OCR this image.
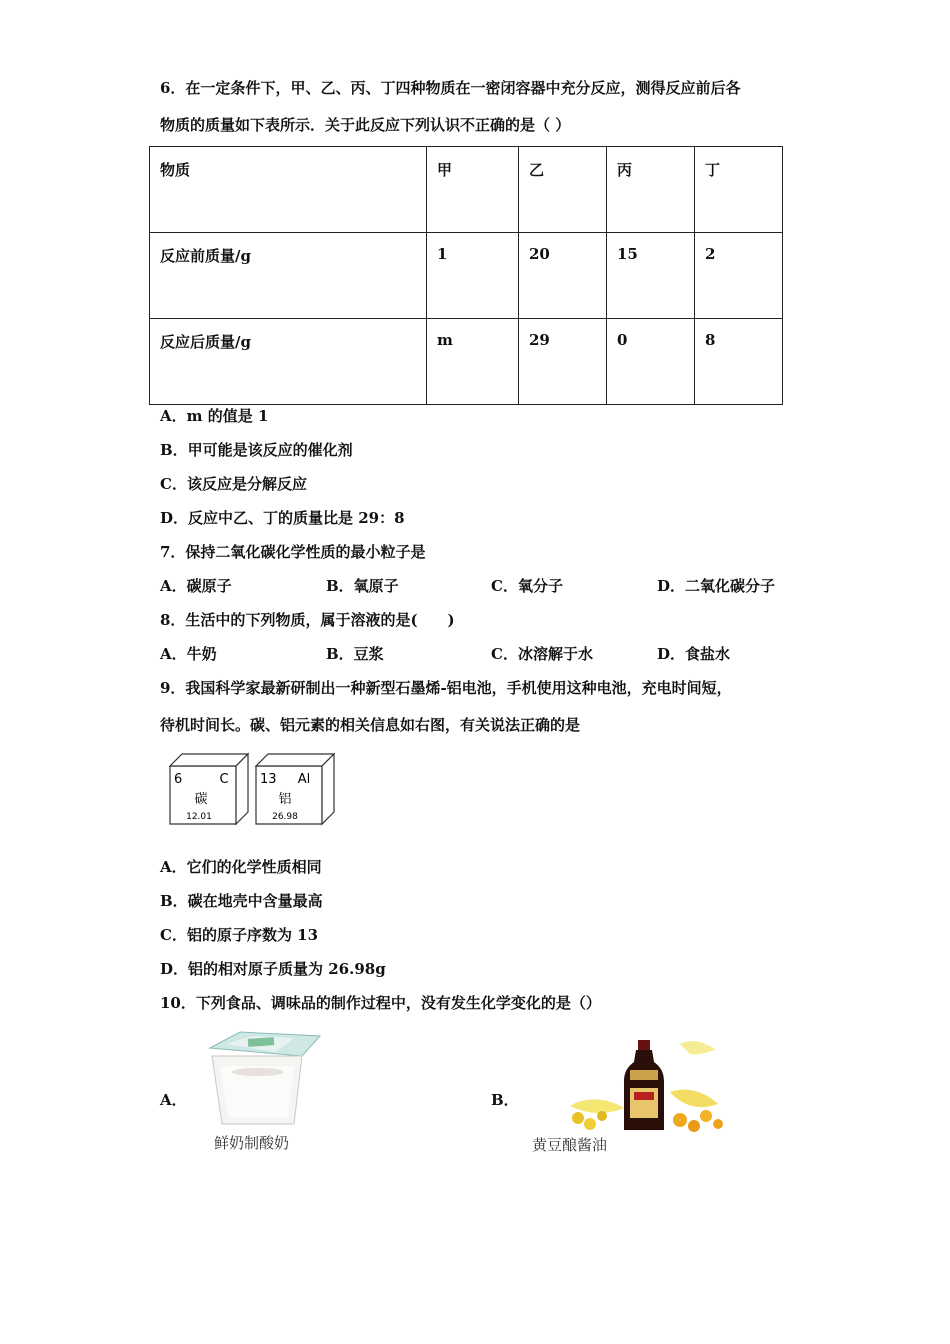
6．在一定条件下，甲、乙、丙、丁四种物质在一密闭容器中充分反应，测得反应前后各
物质的质量如下表所示．关于此反应下列认识不正确的是（ ）
物质	甲	乙	丙	丁
反应前质量/g	1	20	15	2
反应后质量/g	m	29	0	8
A．m 的值是 1
B．甲可能是该反应的催化剂
C．该反应是分解反应
D．反应中乙、丁的质量比是 29：8
7．保持二氧化碳化学性质的最小粒子是
A．碳原子	B．氧原子	C．氧分子	D．二氧化碳分子
8．生活中的下列物质，属于溶液的是(　　)
A．牛奶	B．豆浆	C．冰溶解于水	D．食盐水
9．我国科学家最新研制出一种新型石墨烯-铝电池，手机使用这种电池，充电时间短，
待机时间长。碳、铝元素的相关信息如右图，有关说法正确的是
6	C
碳
12.01
13 Al
铝
26.98
A．它们的化学性质相同
B．碳在地壳中含量最高
C．铝的原子序数为 13
D．铝的相对原子质量为 26.98g
10．下列食品、调味品的制作过程中，没有发生化学变化的是（）
A．
鲜奶制酸奶
B．
黄豆酿酱油
